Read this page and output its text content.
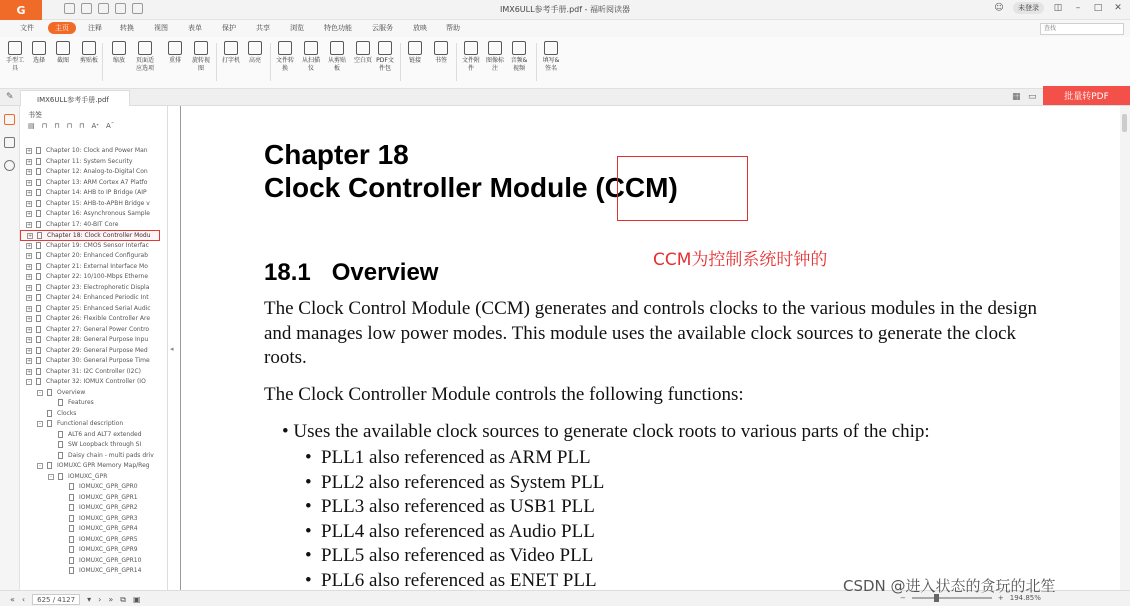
G	IMX6ULL参考手册.pdf - 福昕阅读器	☺	未登录	◫	–	□ ✕
文件	主页	注释	转换	视图	表单	保护	共享	浏览	特色功能	云服务	放映	帮助
查找
手型工具
选择	截图	剪贴板	缩放	页面适应选项
重排	旋转视图
打字机	高亮	文件转换
从扫描仪
从剪贴板
空白页 PDF文件包
链接	书签	文件附件
图像标注
音频&视频
填写&签名
✎	IMX6ULL参考手册.pdf	▦ ▭	批量转PDF
书签
▤ ⊓ ⊓ ⊓ ⊓ Aᐩ Aˉ
+ Chapter 10: Clock and Power Man
+ Chapter 11: System Security
+ Chapter 12: Analog-to-Digital Con
+ Chapter 13: ARM Cortex A7 Platfo
+ Chapter 14: AHB to IP Bridge (AIP
+ Chapter 15: AHB-to-APBH Bridge v
+ Chapter 16: Asynchronous Sample
+ Chapter 17: 40-BIT Core
+ Chapter 18: Clock Controller Modu
+ Chapter 19: CMOS Sensor Interfac
+ Chapter 20: Enhanced Configurab
+ Chapter 21: External Interface Mo
+ Chapter 22: 10/100-Mbps Etherne
+ Chapter 23: Electrophoretic Displa
+ Chapter 24: Enhanced Periodic Int
+ Chapter 25: Enhanced Serial Audic
+ Chapter 26: Flexible Controller Are
+ Chapter 27: General Power Contro
+ Chapter 28: General Purpose Inpu
+ Chapter 29: General Purpose Med
+ Chapter 30: General Purpose Time
+ Chapter 31: I2C Controller (I2C)
-	Chapter 32: IOMUX Controller (IO
-	Overview
Features
Clocks
-	Functional description
ALT6 and ALT7 extended
SW Loopback through SI
Daisy chain - multi pads driv
-	IOMUXC GPR Memory Map/Reg
-	IOMUXC_GPR
IOMUXC_GPR_GPR0
IOMUXC_GPR_GPR1
IOMUXC_GPR_GPR2
IOMUXC_GPR_GPR3
IOMUXC_GPR_GPR4
IOMUXC_GPR_GPR5
IOMUXC_GPR_GPR9
IOMUXC_GPR_GPR10
IOMUXC_GPR_GPR14
◂
Chapter 18
Clock Controller Module (CCM)
CCM为控制系统时钟的
18.1 Overview
The Clock Control Module (CCM) generates and controls clocks to the various modules in the design and manages low power modes. This module uses the available clock sources to generate the clock roots.
The Clock Controller Module controls the following functions:
• Uses the available clock sources to generate clock roots to various parts of the chip:
• PLL1 also referenced as ARM PLL
• PLL2 also referenced as System PLL
• PLL3 also referenced as USB1 PLL
• PLL4 also referenced as Audio PLL
• PLL5 also referenced as Video PLL
• PLL6 also referenced as ENET PLL
« ‹	625 / 4127	▾ › » ⧉ ▣	−	+ 194.85%
CSDN @进入状态的贪玩的北笙
